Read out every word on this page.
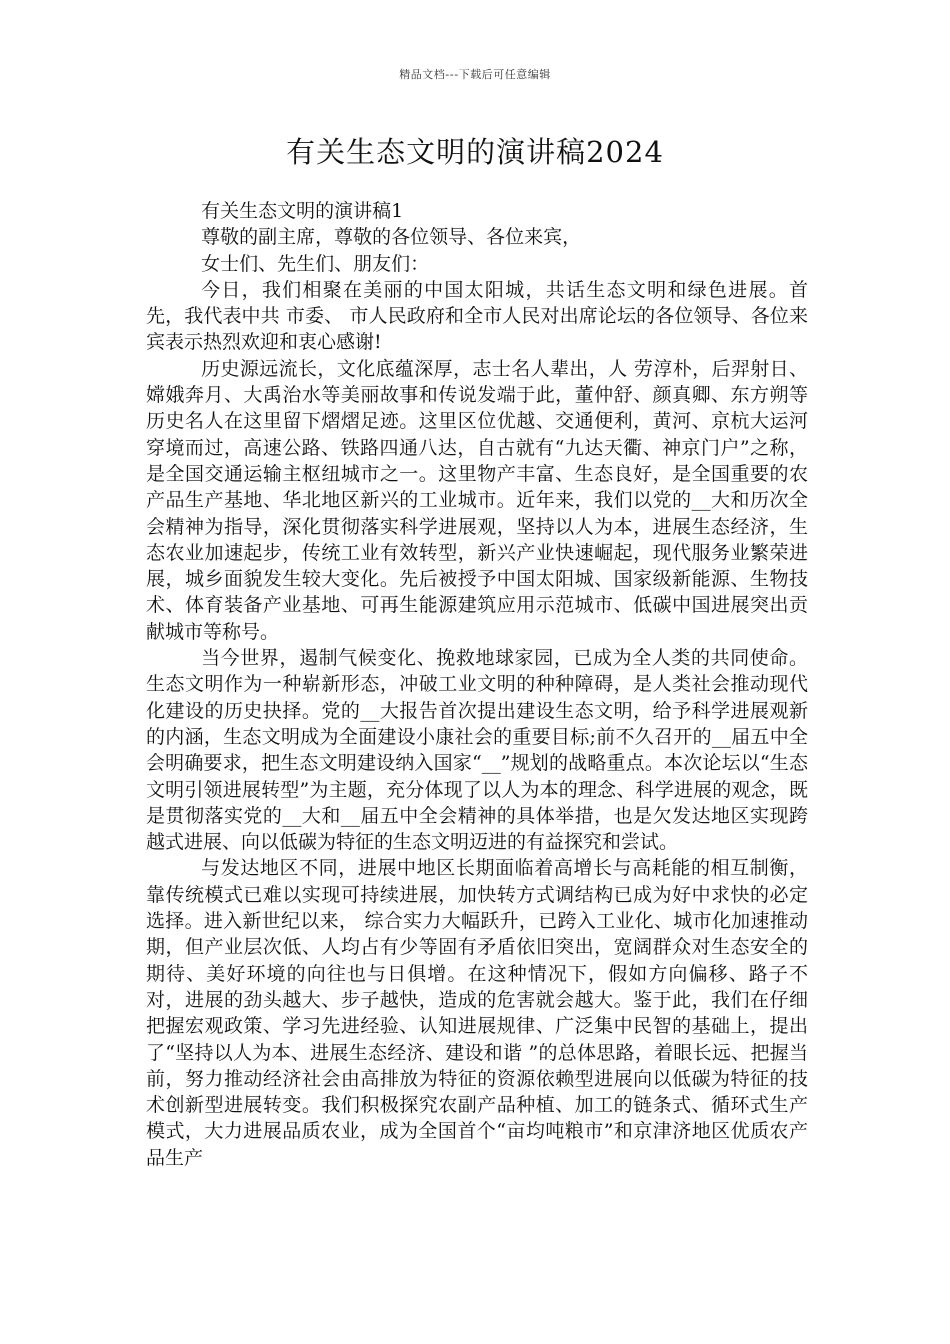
精品文档---下载后可任意编辑
有关生态文明的演讲稿2024

有关生态文明的演讲稿1

尊敬的副主席，尊敬的各位领导、各位来宾，

女士们、先生们、朋友们：

今日，我们相聚在美丽的中国太阳城，共话生态文明和绿色进展。首先，我代表中共 市委、 市人民政府和全市人民对出席论坛的各位领导、各位来宾表示热烈欢迎和衷心感谢!

历史源远流长，文化底蕴深厚，志士名人辈出，人 劳淳朴，后羿射日、嫦娥奔月、大禹治水等美丽故事和传说发端于此，董仲舒、颜真卿、东方朔等历史名人在这里留下熠熠足迹。这里区位优越、交通便利，黄河、京杭大运河穿境而过，高速公路、铁路四通八达，自古就有“九达天衢、神京门户”之称，是全国交通运输主枢纽城市之一。这里物产丰富、生态良好，是全国重要的农产品生产基地、华北地区新兴的工业城市。近年来，我们以党的__大和历次全会精神为指导，深化贯彻落实科学进展观，坚持以人为本，进展生态经济，生态农业加速起步，传统工业有效转型，新兴产业快速崛起，现代服务业繁荣进展，城乡面貌发生较大变化。先后被授予中国太阳城、国家级新能源、生物技术、体育装备产业基地、可再生能源建筑应用示范城市、低碳中国进展突出贡献城市等称号。

当今世界，遏制气候变化、挽救地球家园，已成为全人类的共同使命。生态文明作为一种崭新形态，冲破工业文明的种种障碍，是人类社会推动现代化建设的历史抉择。党的__大报告首次提出建设生态文明，给予科学进展观新的内涵，生态文明成为全面建设小康社会的重要目标;前不久召开的__届五中全会明确要求，把生态文明建设纳入国家“__”规划的战略重点。本次论坛以“生态文明引领进展转型”为主题，充分体现了以人为本的理念、科学进展的观念，既是贯彻落实党的__大和__届五中全会精神的具体举措，也是欠发达地区实现跨越式进展、向以低碳为特征的生态文明迈进的有益探究和尝试。

与发达地区不同，进展中地区长期面临着高增长与高耗能的相互制衡，靠传统模式已难以实现可持续进展，加快转方式调结构已成为好中求快的必定选择。进入新世纪以来， 综合实力大幅跃升，已跨入工业化、城市化加速推动期，但产业层次低、人均占有少等固有矛盾依旧突出，宽阔群众对生态安全的期待、美好环境的向往也与日俱增。在这种情况下，假如方向偏移、路子不对，进展的劲头越大、步子越快，造成的危害就会越大。鉴于此，我们在仔细把握宏观政策、学习先进经验、认知进展规律、广泛集中民智的基础上，提出了“坚持以人为本、进展生态经济、建设和谐 ”的总体思路，着眼长远、把握当前，努力推动经济社会由高排放为特征的资源依赖型进展向以低碳为特征的技术创新型进展转变。我们积极探究农副产品种植、加工的链条式、循环式生产模式，大力进展品质农业，成为全国首个“亩均吨粮市”和京津济地区优质农产品生产
